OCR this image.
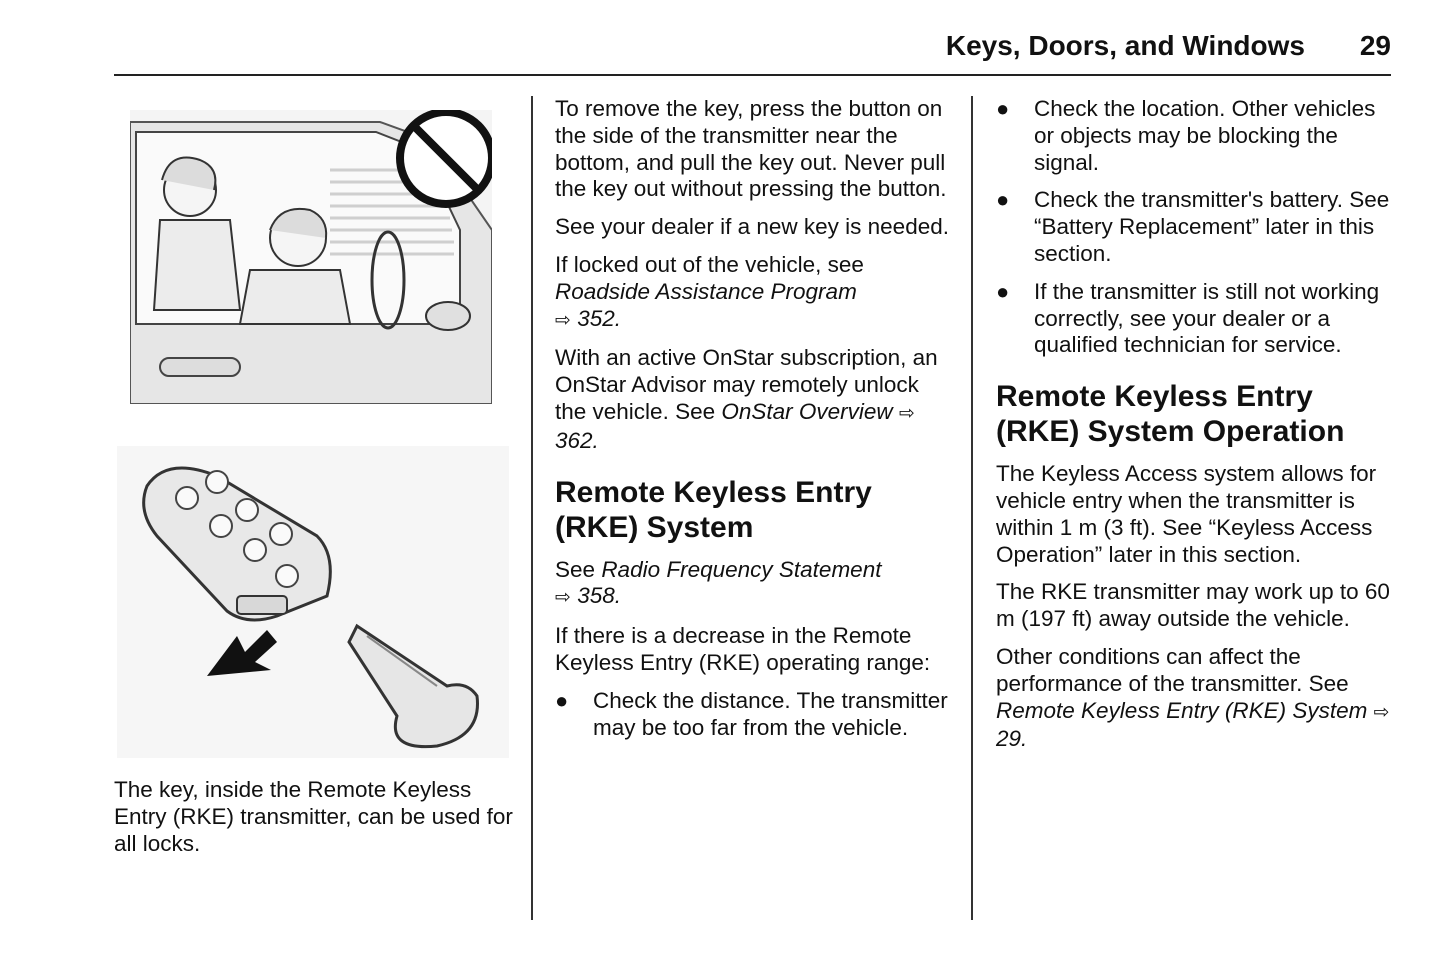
Keys, Doors, and Windows 29
The key, inside the Remote Keyless Entry (RKE) transmitter, can be used for all locks.

To remove the key, press the button on the side of the transmitter near the bottom, and pull the key out. Never pull the key out without pressing the button.

See your dealer if a new key is needed.

If locked out of the vehicle, see Roadside Assistance Program
⇨ 352.

With an active OnStar subscription, an OnStar Advisor may remotely unlock the vehicle. See OnStar Overview ⇨ 362.

Remote Keyless Entry (RKE) System

See Radio Frequency Statement
⇨ 358.

If there is a decrease in the Remote Keyless Entry (RKE) operating range:

● Check the distance. The transmitter may be too far from the vehicle.
● Check the location. Other vehicles or objects may be blocking the signal.
● Check the transmitter's battery. See “Battery Replacement” later in this section.
● If the transmitter is still not working correctly, see your dealer or a qualified technician for service.
Remote Keyless Entry (RKE) System Operation

The Keyless Access system allows for vehicle entry when the transmitter is within 1 m (3 ft). See “Keyless Access Operation” later in this section.

The RKE transmitter may work up to 60 m (197 ft) away outside the vehicle.

Other conditions can affect the performance of the transmitter. See Remote Keyless Entry (RKE) System ⇨ 29.
